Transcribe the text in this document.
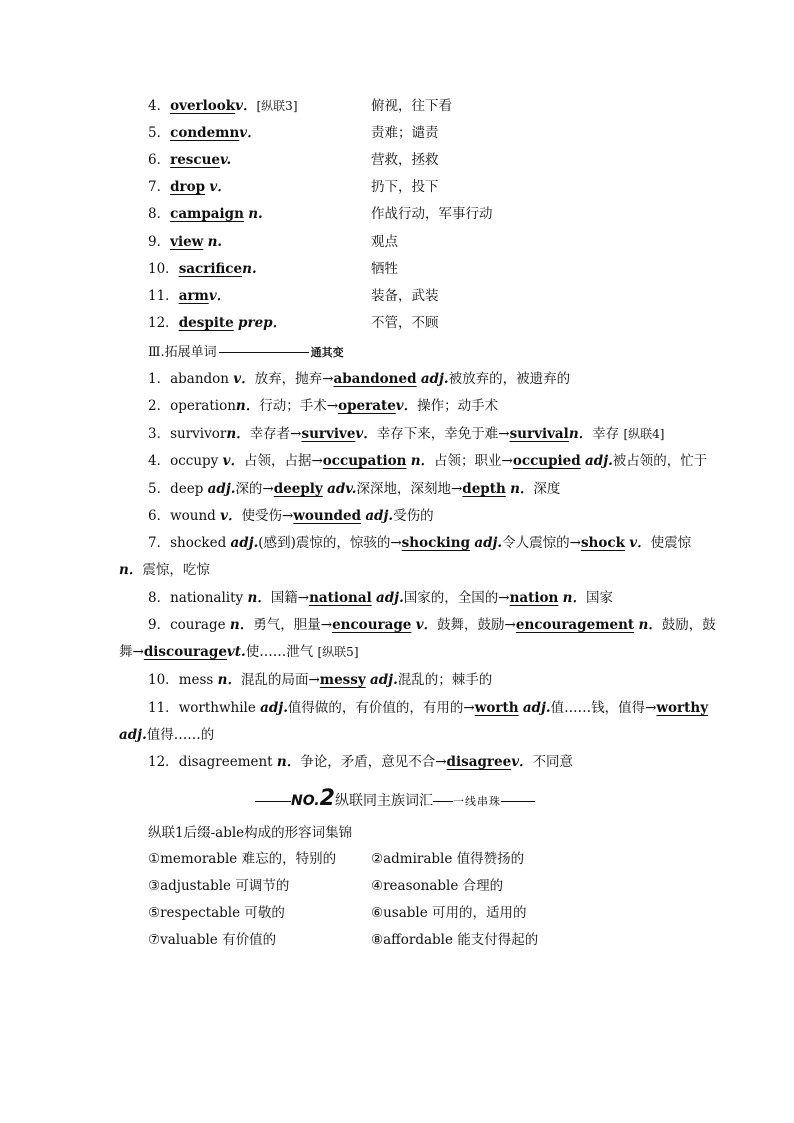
4．overlookv．[纵联3]	俯视，往下看
5．condemnv．	责难；谴责
6．rescuev.	营救，拯救
7．drop v．	扔下，投下
8．campaign n.	作战行动，军事行动
9．view n.	观点
10．sacrificen.	牺牲
11．armv．	装备，武装
12．despite prep．	不管，不顾
Ⅲ.拓展单词	通其变
1．abandon v．放弃，抛弃→abandoned adj.被放弃的，被遗弃的
2．operationn．行动；手术→operatev．操作；动手术
3．survivorn．幸存者→survivev．幸存下来，幸免于难→survivaln．幸存 [纵联4]
4．occupy v．占领，占据→occupation n．占领；职业→occupied adj.被占领的，忙于
5．deep adj.深的→deeply adv.深深地，深刻地→depth n．深度
6．wound v．使受伤→wounded adj.受伤的
7．shocked adj.(感到)震惊的，惊骇的→shocking adj.令人震惊的→shock v．使震惊
n．震惊，吃惊
8．nationality n．国籍→national adj.国家的，全国的→nation n．国家
9．courage n．勇气，胆量→encourage v．鼓舞，鼓励→encouragement n．鼓励，鼓
舞→discouragevt.使……泄气 [纵联5]
10．mess n．混乱的局面→messy adj.混乱的；棘手的
11．worthwhile adj.值得做的，有价值的，有用的→worth adj.值……钱，值得→worthy
adj.值得……的
12．disagreement n．争论，矛盾，意见不合→disagreev．不同意
NO.2纵联同主族词汇 一线串珠
纵联1后缀-able构成的形容词集锦
①memorable 难忘的，特别的	②admirable 值得赞扬的
③adjustable 可调节的	④reasonable 合理的
⑤respectable 可敬的	⑥usable 可用的，适用的
⑦valuable 有价值的	⑧affordable 能支付得起的
